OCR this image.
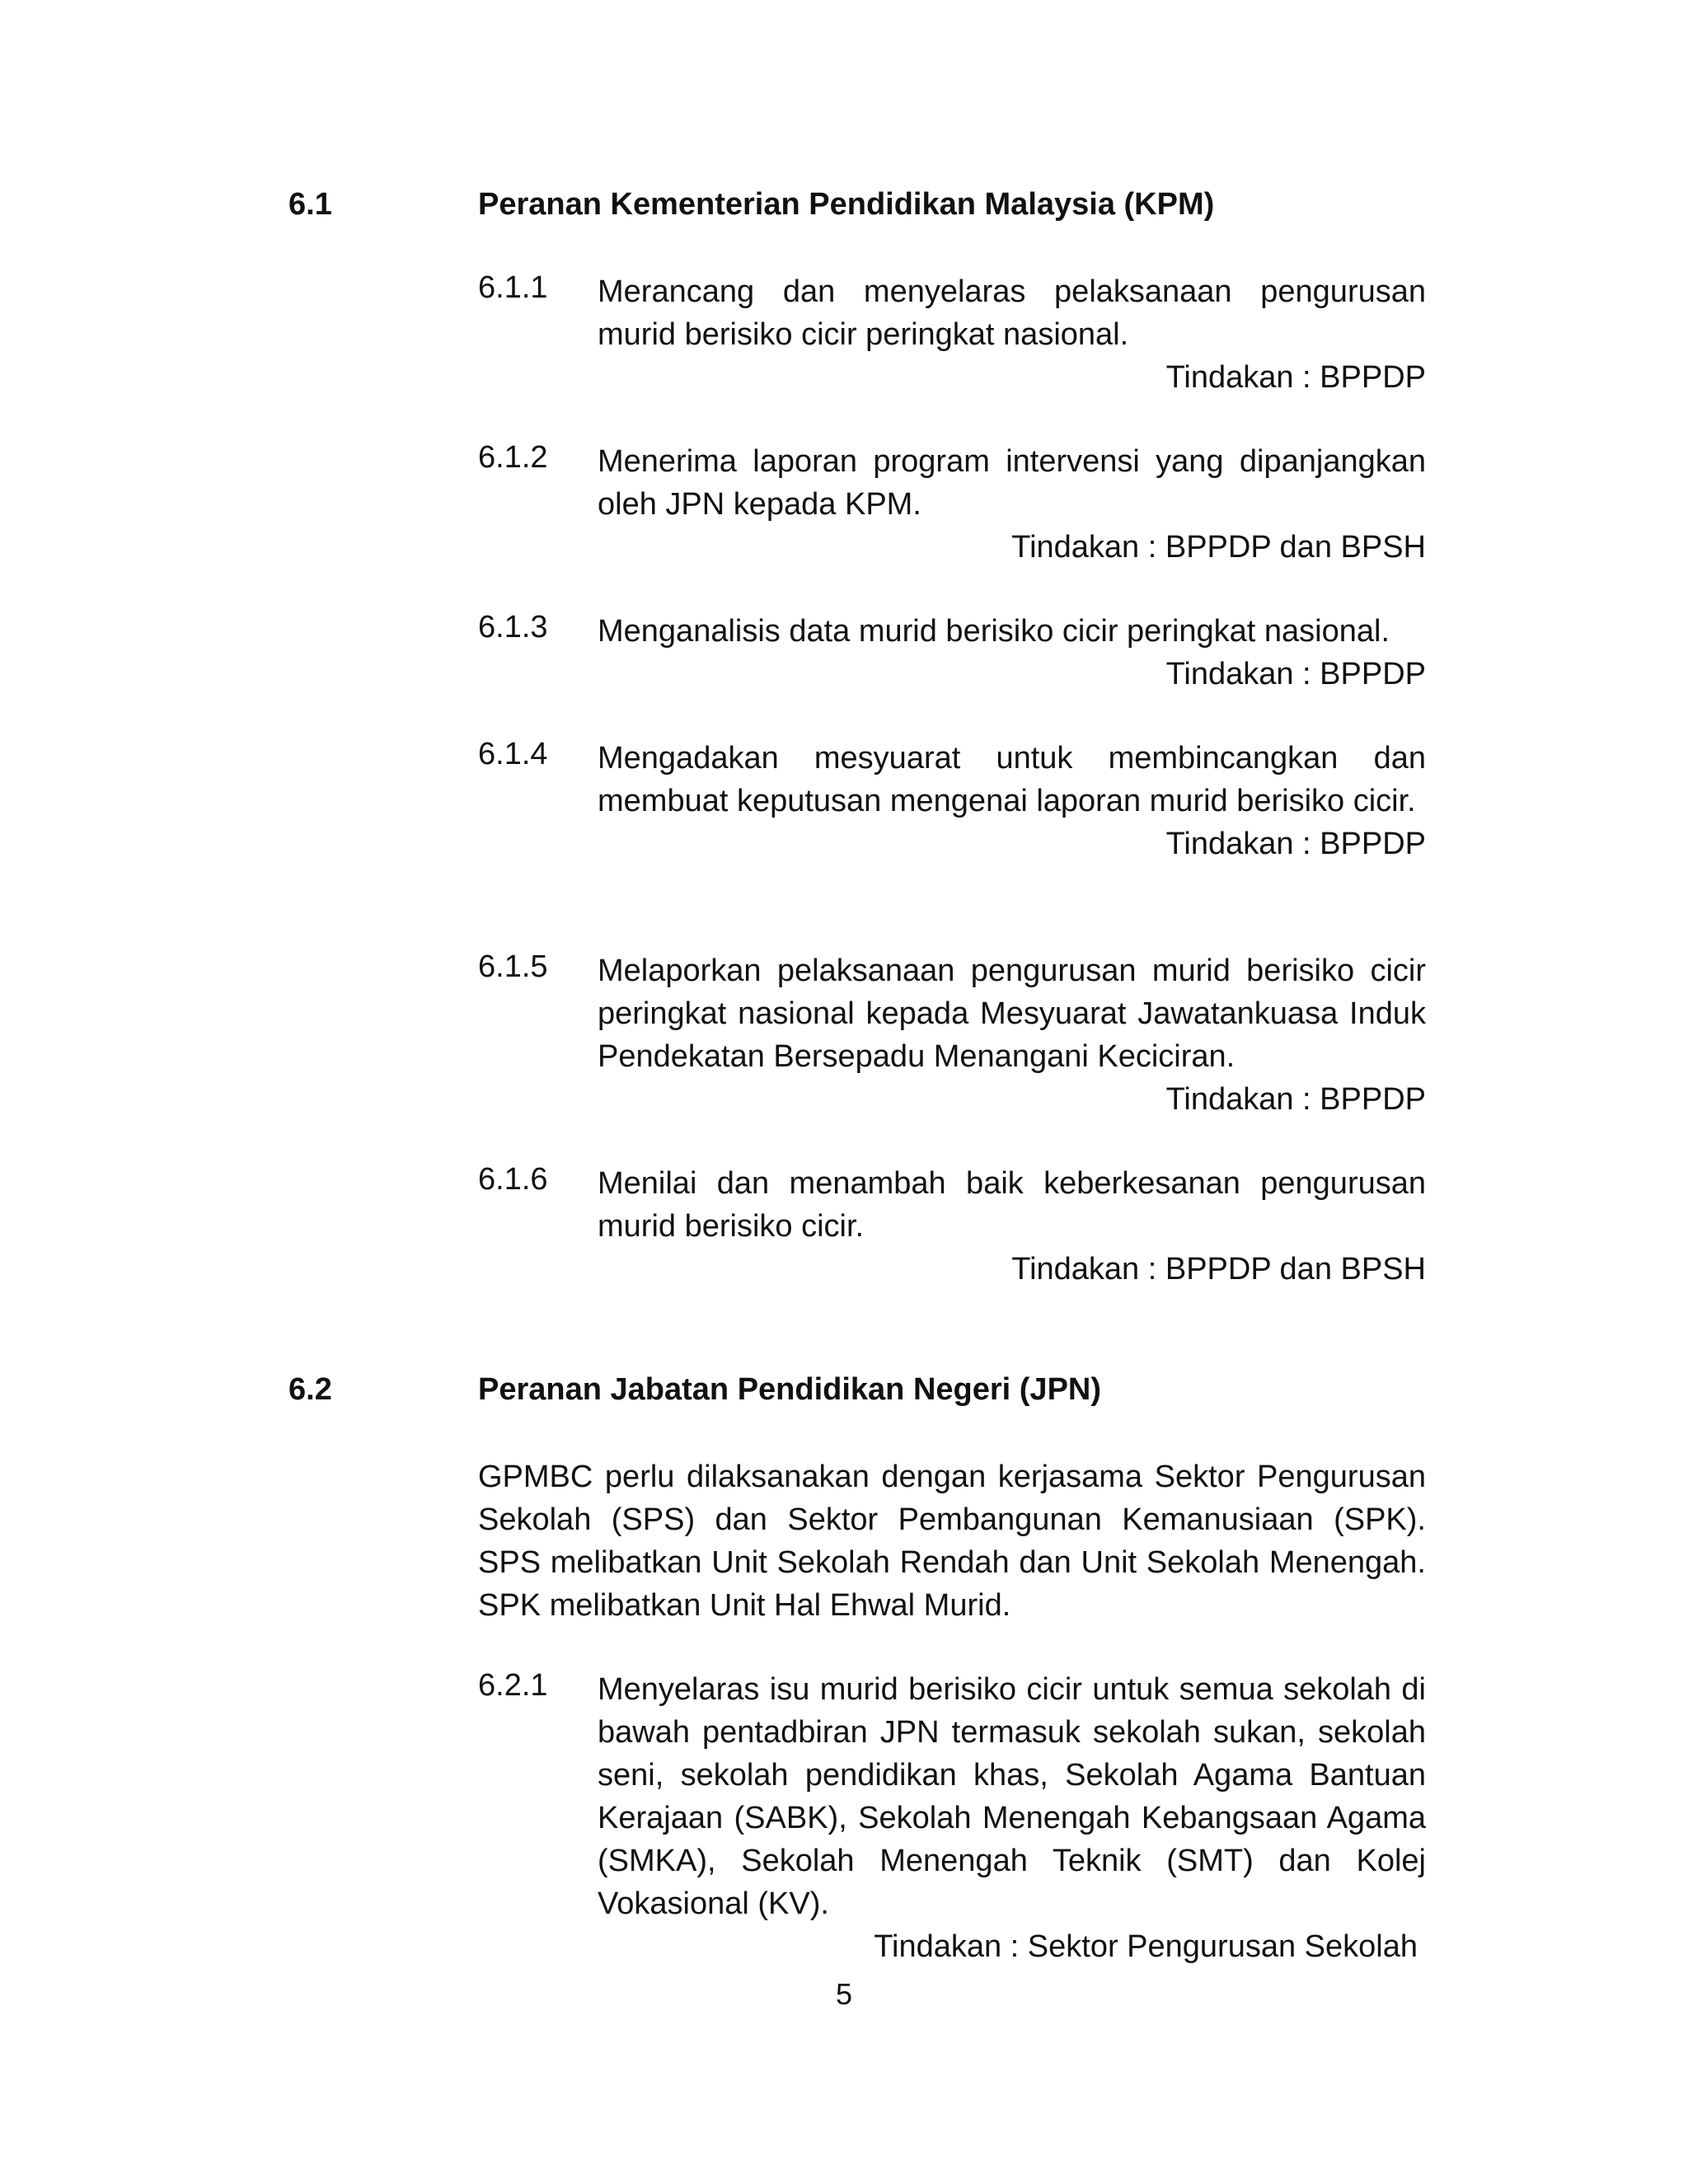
6.1	Peranan Kementerian Pendidikan Malaysia (KPM)
6.1.1 Merancang dan menyelaras pelaksanaan pengurusan murid berisiko cicir peringkat nasional.
Tindakan : BPPDP
6.1.2 Menerima laporan program intervensi yang dipanjangkan oleh JPN kepada KPM.
Tindakan : BPPDP dan BPSH
6.1.3 Menganalisis data murid berisiko cicir peringkat nasional.
Tindakan : BPPDP
6.1.4 Mengadakan mesyuarat untuk membincangkan dan membuat keputusan mengenai laporan murid berisiko cicir.
Tindakan : BPPDP
6.1.5 Melaporkan pelaksanaan pengurusan murid berisiko cicir peringkat nasional kepada Mesyuarat Jawatankuasa Induk Pendekatan Bersepadu Menangani Keciciran.
Tindakan : BPPDP
6.1.6 Menilai dan menambah baik keberkesanan pengurusan murid berisiko cicir.
Tindakan : BPPDP dan BPSH
6.2	Peranan Jabatan Pendidikan Negeri (JPN)
GPMBC perlu dilaksanakan dengan kerjasama Sektor Pengurusan Sekolah (SPS) dan Sektor Pembangunan Kemanusiaan (SPK). SPS melibatkan Unit Sekolah Rendah dan Unit Sekolah Menengah. SPK melibatkan Unit Hal Ehwal Murid.
6.2.1 Menyelaras isu murid berisiko cicir untuk semua sekolah di bawah pentadbiran JPN termasuk sekolah sukan, sekolah seni, sekolah pendidikan khas, Sekolah Agama Bantuan Kerajaan (SABK), Sekolah Menengah Kebangsaan Agama (SMKA), Sekolah Menengah Teknik (SMT) dan Kolej Vokasional (KV).
Tindakan : Sektor Pengurusan Sekolah
5
